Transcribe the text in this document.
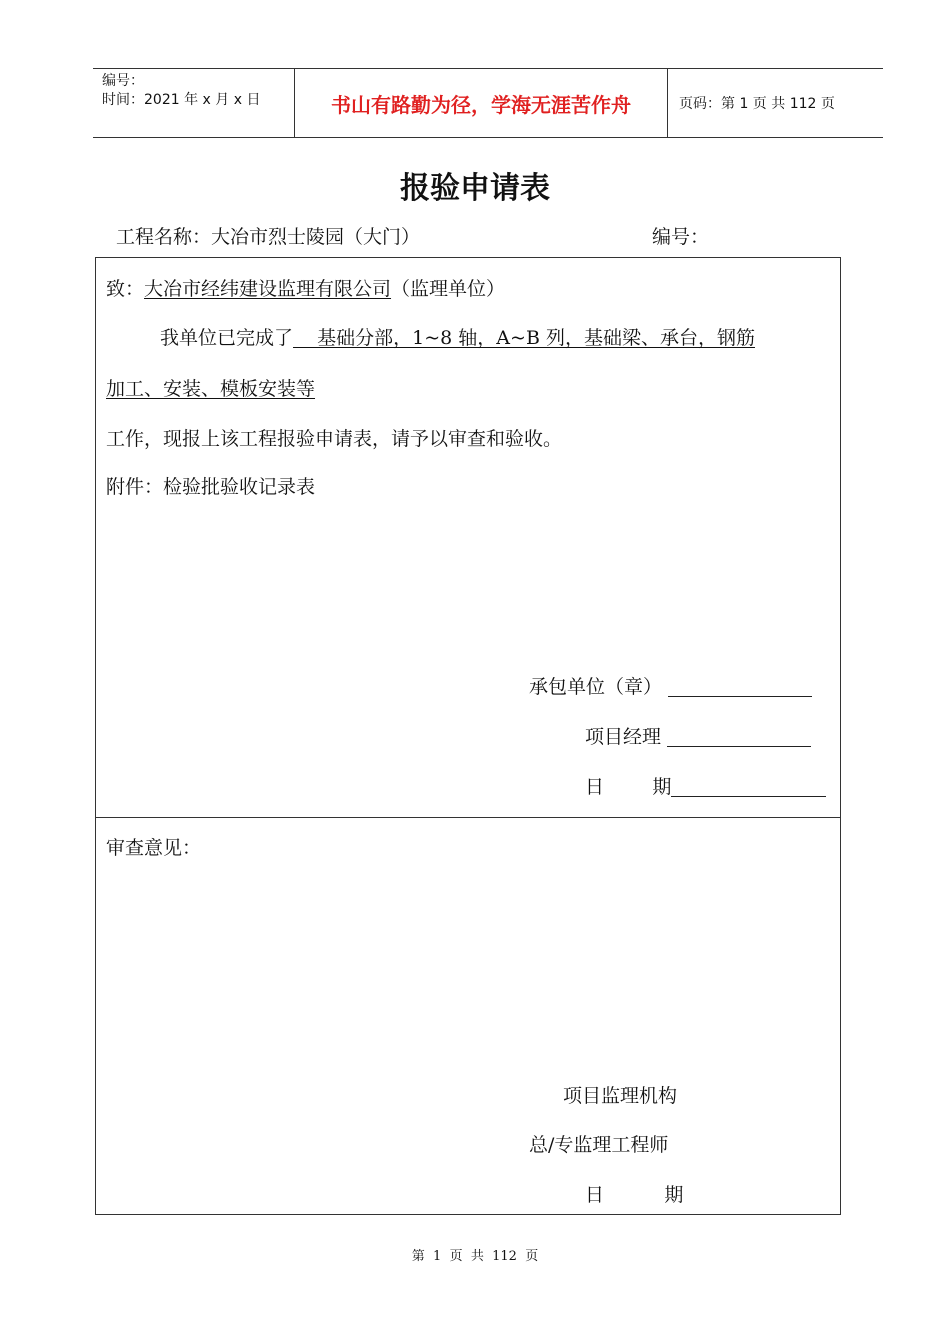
编号：
时间：2021 年 x 月 x 日	书山有路勤为径，学海无涯苦作舟	页码：第 1 页 共 112 页
报验申请表
工程名称：大冶市烈士陵园（大门）	编号：
致：大冶市经纬建设监理有限公司（监理单位）
我单位已完成了    基础分部，1~8 轴，A~B 列，基础梁、承台，钢筋
加工、安装、模板安装等
工作，现报上该工程报验申请表，请予以审查和验收。
附件：检验批验收记录表
承包单位（章）
项目经理
日        期
审查意见：
项目监理机构
总/专监理工程师
日          期
第  1  页  共  112  页
